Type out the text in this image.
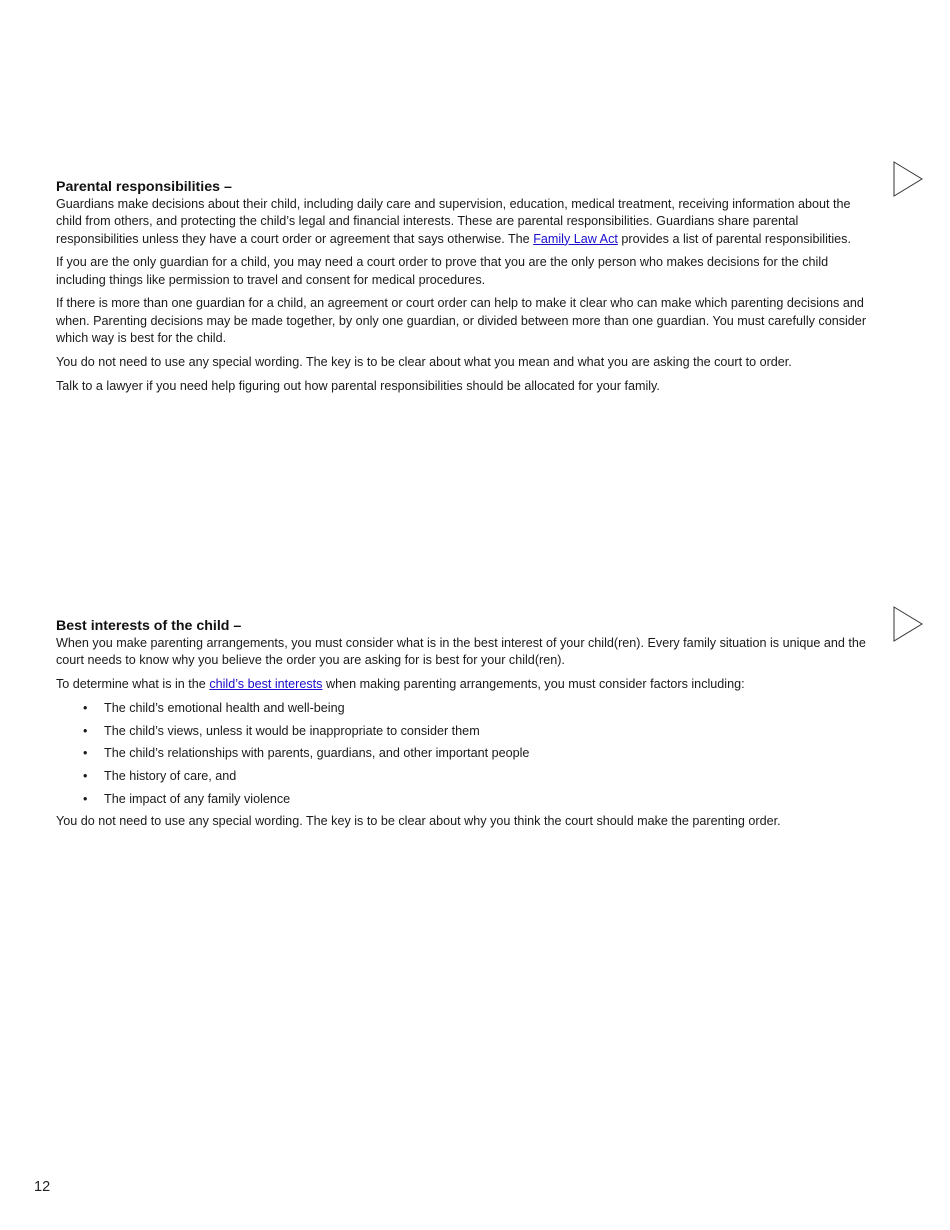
Parental responsibilities –

Guardians make decisions about their child, including daily care and supervision, education, medical treatment, receiving information about the child from others, and protecting the child’s legal and financial interests. These are parental responsibilities. Guardians share parental responsibilities unless they have a court order or agreement that says otherwise. The Family Law Act provides a list of parental responsibilities.

If you are the only guardian for a child, you may need a court order to prove that you are the only person who makes decisions for the child including things like permission to travel and consent for medical procedures.

If there is more than one guardian for a child, an agreement or court order can help to make it clear who can make which parenting decisions and when. Parenting decisions may be made together, by only one guardian, or divided between more than one guardian. You must carefully consider which way is best for the child.

You do not need to use any special wording. The key is to be clear about what you mean and what you are asking the court to order.

Talk to a lawyer if you need help figuring out how parental responsibilities should be allocated for your family.

Best interests of the child –

When you make parenting arrangements, you must consider what is in the best interest of your child(ren). Every family situation is unique and the court needs to know why you believe the order you are asking for is best for your child(ren).

To determine what is in the child’s best interests when making parenting arrangements, you must consider factors including:

• The child’s emotional health and well-being
• The child’s views, unless it would be inappropriate to consider them
• The child’s relationships with parents, guardians, and other important people
• The history of care, and
• The impact of any family violence

You do not need to use any special wording. The key is to be clear about why you think the court should make the parenting order.

12
